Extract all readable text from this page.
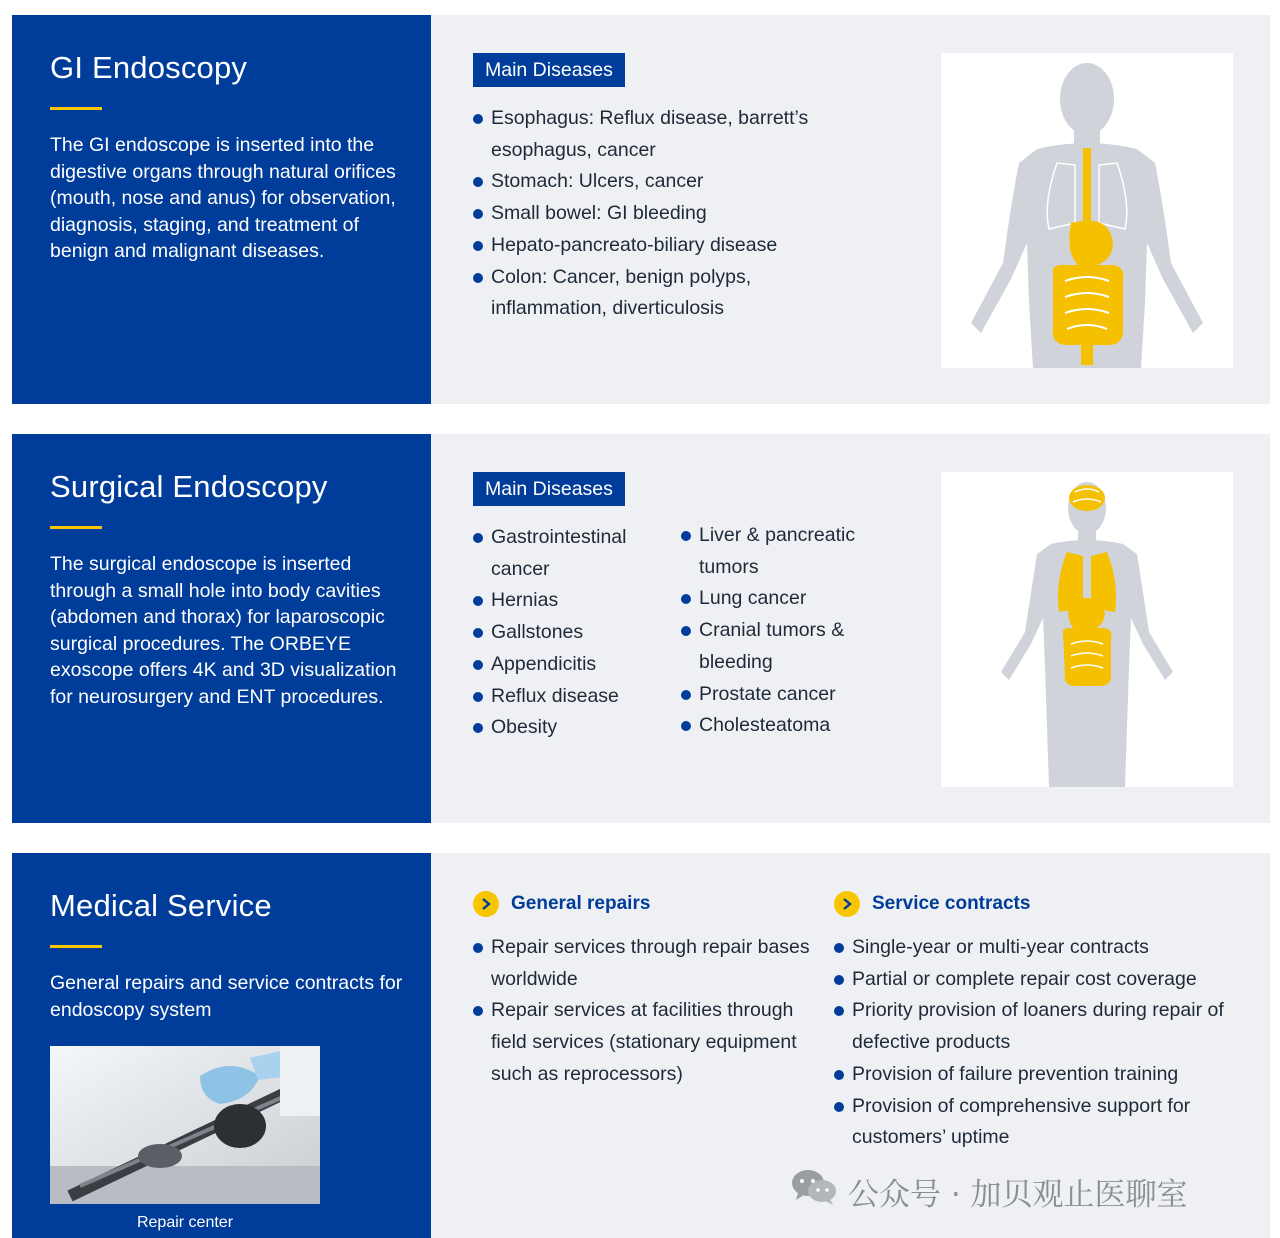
GI Endoscopy

The GI endoscope is inserted into the digestive organs through natural orifices (mouth, nose and anus) for observation, diagnosis, staging, and treatment of benign and malignant diseases.

Main Diseases
Esophagus: Reflux disease, barrett’s esophagus, cancer
Stomach: Ulcers, cancer
Small bowel: GI bleeding
Hepato-pancreato-biliary disease
Colon: Cancer, benign polyps, inflammation, diverticulosis
Surgical Endoscopy

The surgical endoscope is inserted through a small hole into body cavities (abdomen and thorax) for laparoscopic surgical procedures. The ORBEYE exoscope offers 4K and 3D visualization for neurosurgery and ENT procedures.

Main Diseases
Gastrointestinal cancer
Hernias
Gallstones
Appendicitis
Reflux disease
Obesity
Liver & pancreatic tumors
Lung cancer
Cranial tumors & bleeding
Prostate cancer
Cholesteatoma
Medical Service

General repairs and service contracts for endoscopy system

Repair center
General repairs
Repair services through repair bases worldwide
Repair services at facilities through field services (stationary equipment such as reprocessors)
Service contracts
Single-year or multi-year contracts
Partial or complete repair cost coverage
Priority provision of loaners during repair of defective products
Provision of failure prevention training
Provision of comprehensive support for customers’ uptime
公众号 · 加贝观止医聊室
